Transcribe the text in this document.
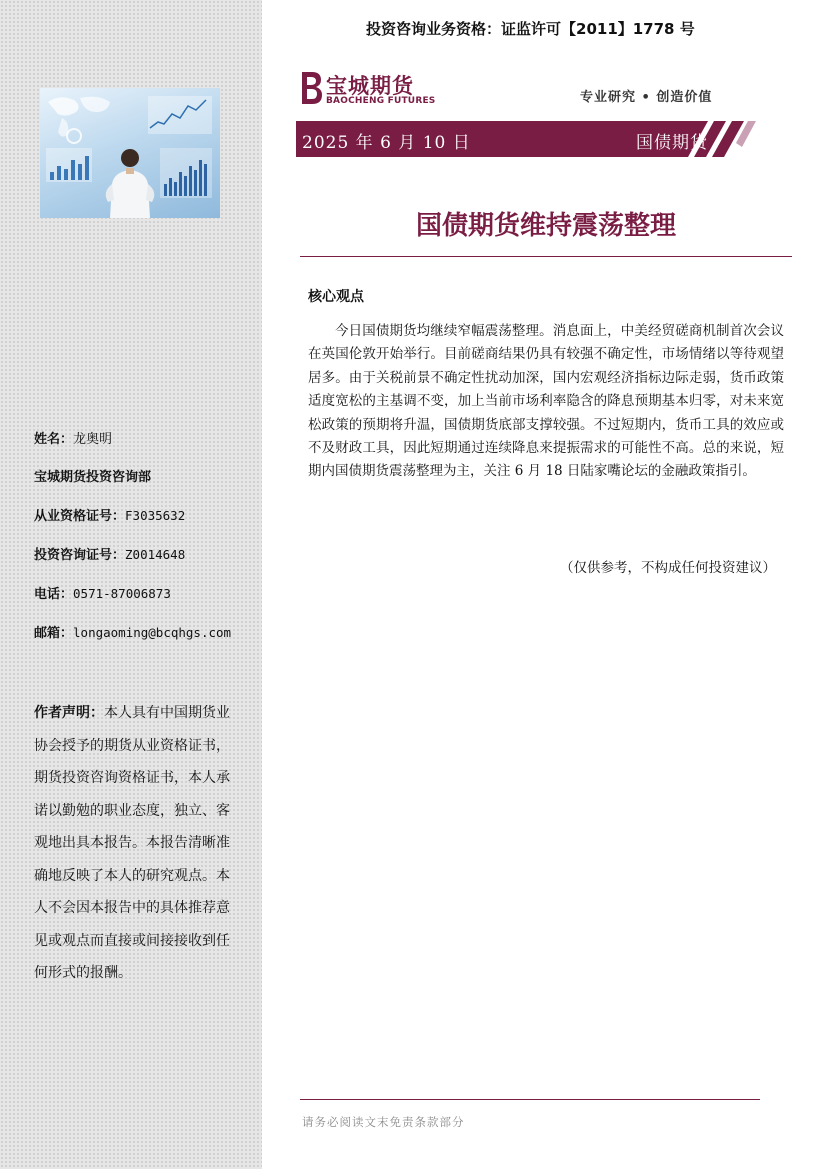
姓名：龙奥明
宝城期货投资咨询部
从业资格证号：F3035632
投资咨询证号：Z0014648
电话：0571-87006873
邮箱：longaoming@bcqhgs.com
作者声明：本人具有中国期货业协会授予的期货从业资格证书，期货投资咨询资格证书，本人承诺以勤勉的职业态度，独立、客观地出具本报告。本报告清晰准确地反映了本人的研究观点。本人不会因本报告中的具体推荐意见或观点而直接或间接接收到任何形式的报酬。
投资咨询业务资格：证监许可【2011】1778 号
宝城期货
BAOCHENG FUTURES	专业研究 • 创造价值
2025 年 6 月 10 日	国债期货
国债期货维持震荡整理
核心观点

今日国债期货均继续窄幅震荡整理。消息面上，中美经贸磋商机制首次会议在英国伦敦开始举行。目前磋商结果仍具有较强不确定性，市场情绪以等待观望居多。由于关税前景不确定性扰动加深，国内宏观经济指标边际走弱，货币政策适度宽松的主基调不变，加上当前市场利率隐含的降息预期基本归零，对未来宽松政策的预期将升温，国债期货底部支撑较强。不过短期内，货币工具的效应或不及财政工具，因此短期通过连续降息来提振需求的可能性不高。总的来说，短期内国债期货震荡整理为主，关注 6 月 18 日陆家嘴论坛的金融政策指引。

（仅供参考，不构成任何投资建议）
请务必阅读文末免责条款部分
